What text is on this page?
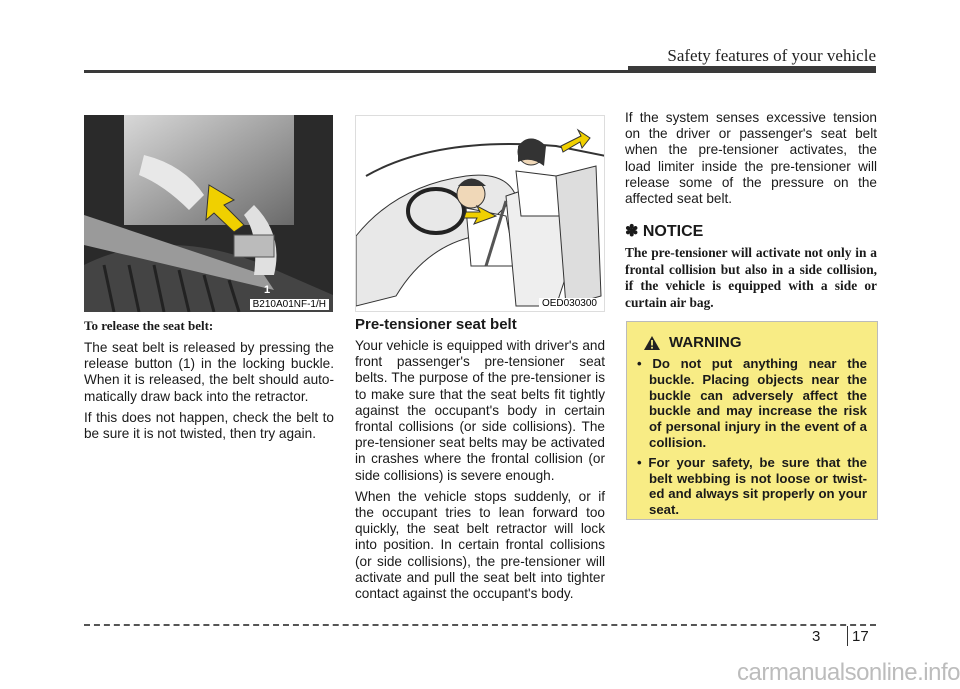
Safety features of your vehicle
1
B210A01NF-1/H	OED030300
To release the seat belt:

The seat belt is released by pressing the release button (1) in the locking buckle. When it is released, the belt should auto-matically draw back into the retractor.

If this does not happen, check the belt to be sure it is not twisted, then try again.

Pre-tensioner seat belt

Your vehicle is equipped with driver's and front passenger's pre-tensioner seat belts. The purpose of the pre-tensioner is to make sure that the seat belts fit tightly against the occupant's body in certain frontal collisions (or side collisions). The pre-tensioner seat belts may be activated in crashes where the frontal collision (or side collisions) is severe enough.

When the vehicle stops suddenly, or if the occupant tries to lean forward too quickly, the seat belt retractor will lock into position. In certain frontal collisions (or side collisions), the pre-tensioner will activate and pull the seat belt into tighter contact against the occupant's body.

If the system senses excessive tension on the driver or passenger's seat belt when the pre-tensioner activates, the load limiter inside the pre-tensioner will release some of the pressure on the affected seat belt.

✽ NOTICE

The pre-tensioner will activate not only in a frontal collision but also in a side collision, if the vehicle is equipped with a side or curtain air bag.

WARNING
• Do not put anything near the buckle. Placing objects near the buckle can adversely affect the buckle and may increase the risk of personal injury in the event of a collision.
• For your safety, be sure that the belt webbing is not loose or twist-ed and always sit properly on your seat.
3 17
carmanualsonline.info
